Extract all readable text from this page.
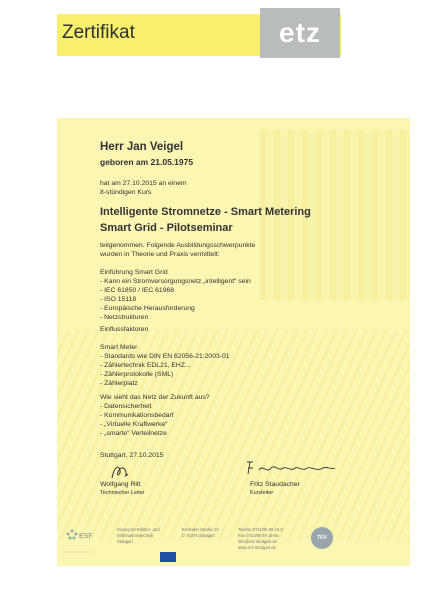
Zertifikat	etz
Herr Jan Veigel
geboren am 21.05.1975
hat am 27.10.2015 an einem
8-stündigen Kurs
Intelligente Stromnetze - Smart Metering
Smart Grid - Pilotseminar
teilgenommen. Folgende Ausbildungsschwerpunkte
wurden in Theorie und Praxis vermittelt:
Einführung Smart Grid
- Kann ein Stromversorgungsnetz „intelligent“ sein
- IEC 61850 / IEC 61968
- ISO 15118
- Europäische Herausforderung
- Netzstrukturen
Einflussfaktoren
Smart Meter
- Standards wie DIN EN 62056-21:2003-01
- Zählertechnik EDL21, EHZ...
- Zählerprotokolle (SML)
- Zählerplatz
Wie sieht das Netz der Zukunft aus?
- Datensicherheit
- Kommunikationsbedarf
- „Virtuelle Kraftwerke“
- „smarte“ Verteilnetze
Stuttgart, 27.10.2015
Wolfgang Ritt
Technischer Leiter
Fritz Staudacher
Kursleiter
ESF
Innung für Elektro- und
Informationstechnik
Stuttgart
Krefelder Straße 12
D 70376 Stuttgart
Telefon 0711/95 59 16-0
Fax 0711/95 59 16-55
info@etz-stuttgart.de
www.etz-stuttgart.de
TÜV
